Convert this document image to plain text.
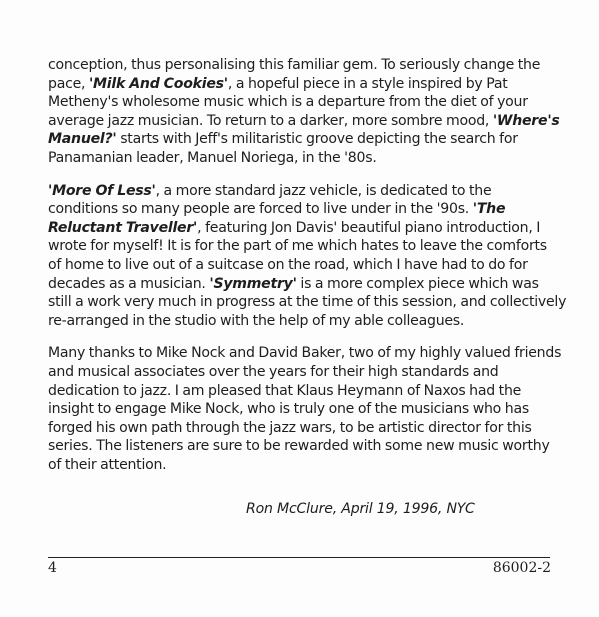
conception, thus personalising this familiar gem. To seriously change the
pace, 'Milk And Cookies', a hopeful piece in a style inspired by Pat
Metheny's wholesome music which is a departure from the diet of your
average jazz musician. To return to a darker, more sombre mood, 'Where's
Manuel?' starts with Jeff's militaristic groove depicting the search for
Panamanian leader, Manuel Noriega, in the '80s.

'More Of Less', a more standard jazz vehicle, is dedicated to the
conditions so many people are forced to live under in the '90s. 'The
Reluctant Traveller', featuring Jon Davis' beautiful piano introduction, I
wrote for myself! It is for the part of me which hates to leave the comforts
of home to live out of a suitcase on the road, which I have had to do for
decades as a musician. 'Symmetry' is a more complex piece which was
still a work very much in progress at the time of this session, and collectively
re-arranged in the studio with the help of my able colleagues.

Many thanks to Mike Nock and David Baker, two of my highly valued friends
and musical associates over the years for their high standards and
dedication to jazz. I am pleased that Klaus Heymann of Naxos had the
insight to engage Mike Nock, who is truly one of the musicians who has
forged his own path through the jazz wars, to be artistic director for this
series. The listeners are sure to be rewarded with some new music worthy
of their attention.

Ron McClure, April 19, 1996, NYC
4	86002-2
